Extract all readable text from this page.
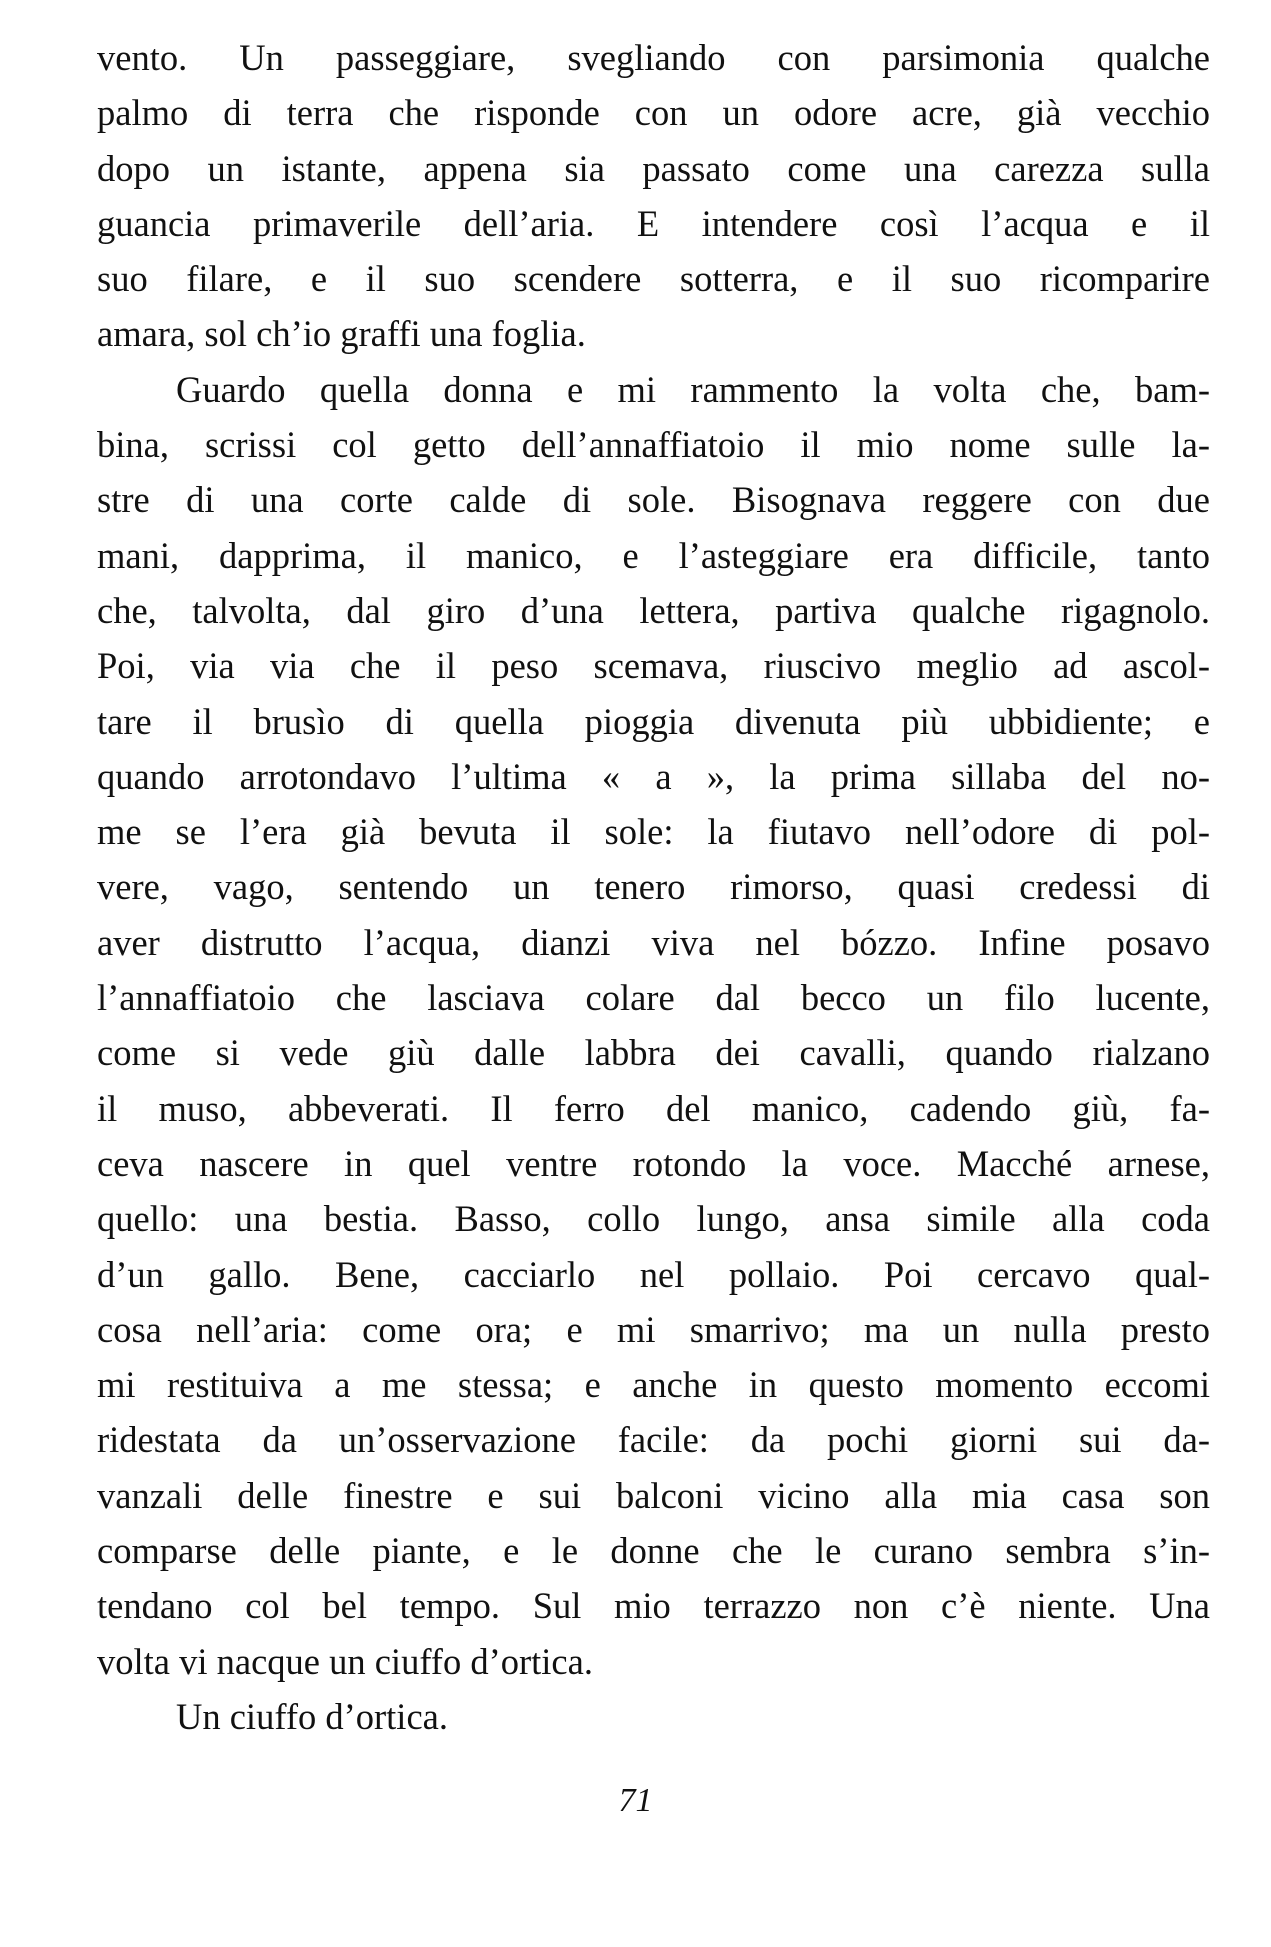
vento. Un passeggiare, svegliando con parsimonia qualche
palmo di terra che risponde con un odore acre, già vecchio
dopo un istante, appena sia passato come una carezza sulla
guancia primaverile dell’aria. E intendere così l’acqua e il
suo filare, e il suo scendere sotterra, e il suo ricomparire
amara, sol ch’io graffi una foglia.
Guardo quella donna e mi rammento la volta che, bam-
bina, scrissi col getto dell’annaffiatoio il mio nome sulle la-
stre di una corte calde di sole. Bisognava reggere con due
mani, dapprima, il manico, e l’asteggiare era difficile, tanto
che, talvolta, dal giro d’una lettera, partiva qualche rigagnolo.
Poi, via via che il peso scemava, riuscivo meglio ad ascol-
tare il brusìo di quella pioggia divenuta più ubbidiente; e
quando arrotondavo l’ultima « a », la prima sillaba del no-
me se l’era già bevuta il sole: la fiutavo nell’odore di pol-
vere, vago, sentendo un tenero rimorso, quasi credessi di
aver distrutto l’acqua, dianzi viva nel bózzo. Infine posavo
l’annaffiatoio che lasciava colare dal becco un filo lucente,
come si vede giù dalle labbra dei cavalli, quando rialzano
il muso, abbeverati. Il ferro del manico, cadendo giù, fa-
ceva nascere in quel ventre rotondo la voce. Macché arnese,
quello: una bestia. Basso, collo lungo, ansa simile alla coda
d’un gallo. Bene, cacciarlo nel pollaio. Poi cercavo qual-
cosa nell’aria: come ora; e mi smarrivo; ma un nulla presto
mi restituiva a me stessa; e anche in questo momento eccomi
ridestata da un’osservazione facile: da pochi giorni sui da-
vanzali delle finestre e sui balconi vicino alla mia casa son
comparse delle piante, e le donne che le curano sembra s’in-
tendano col bel tempo. Sul mio terrazzo non c’è niente. Una
volta vi nacque un ciuffo d’ortica.
Un ciuffo d’ortica.
71
